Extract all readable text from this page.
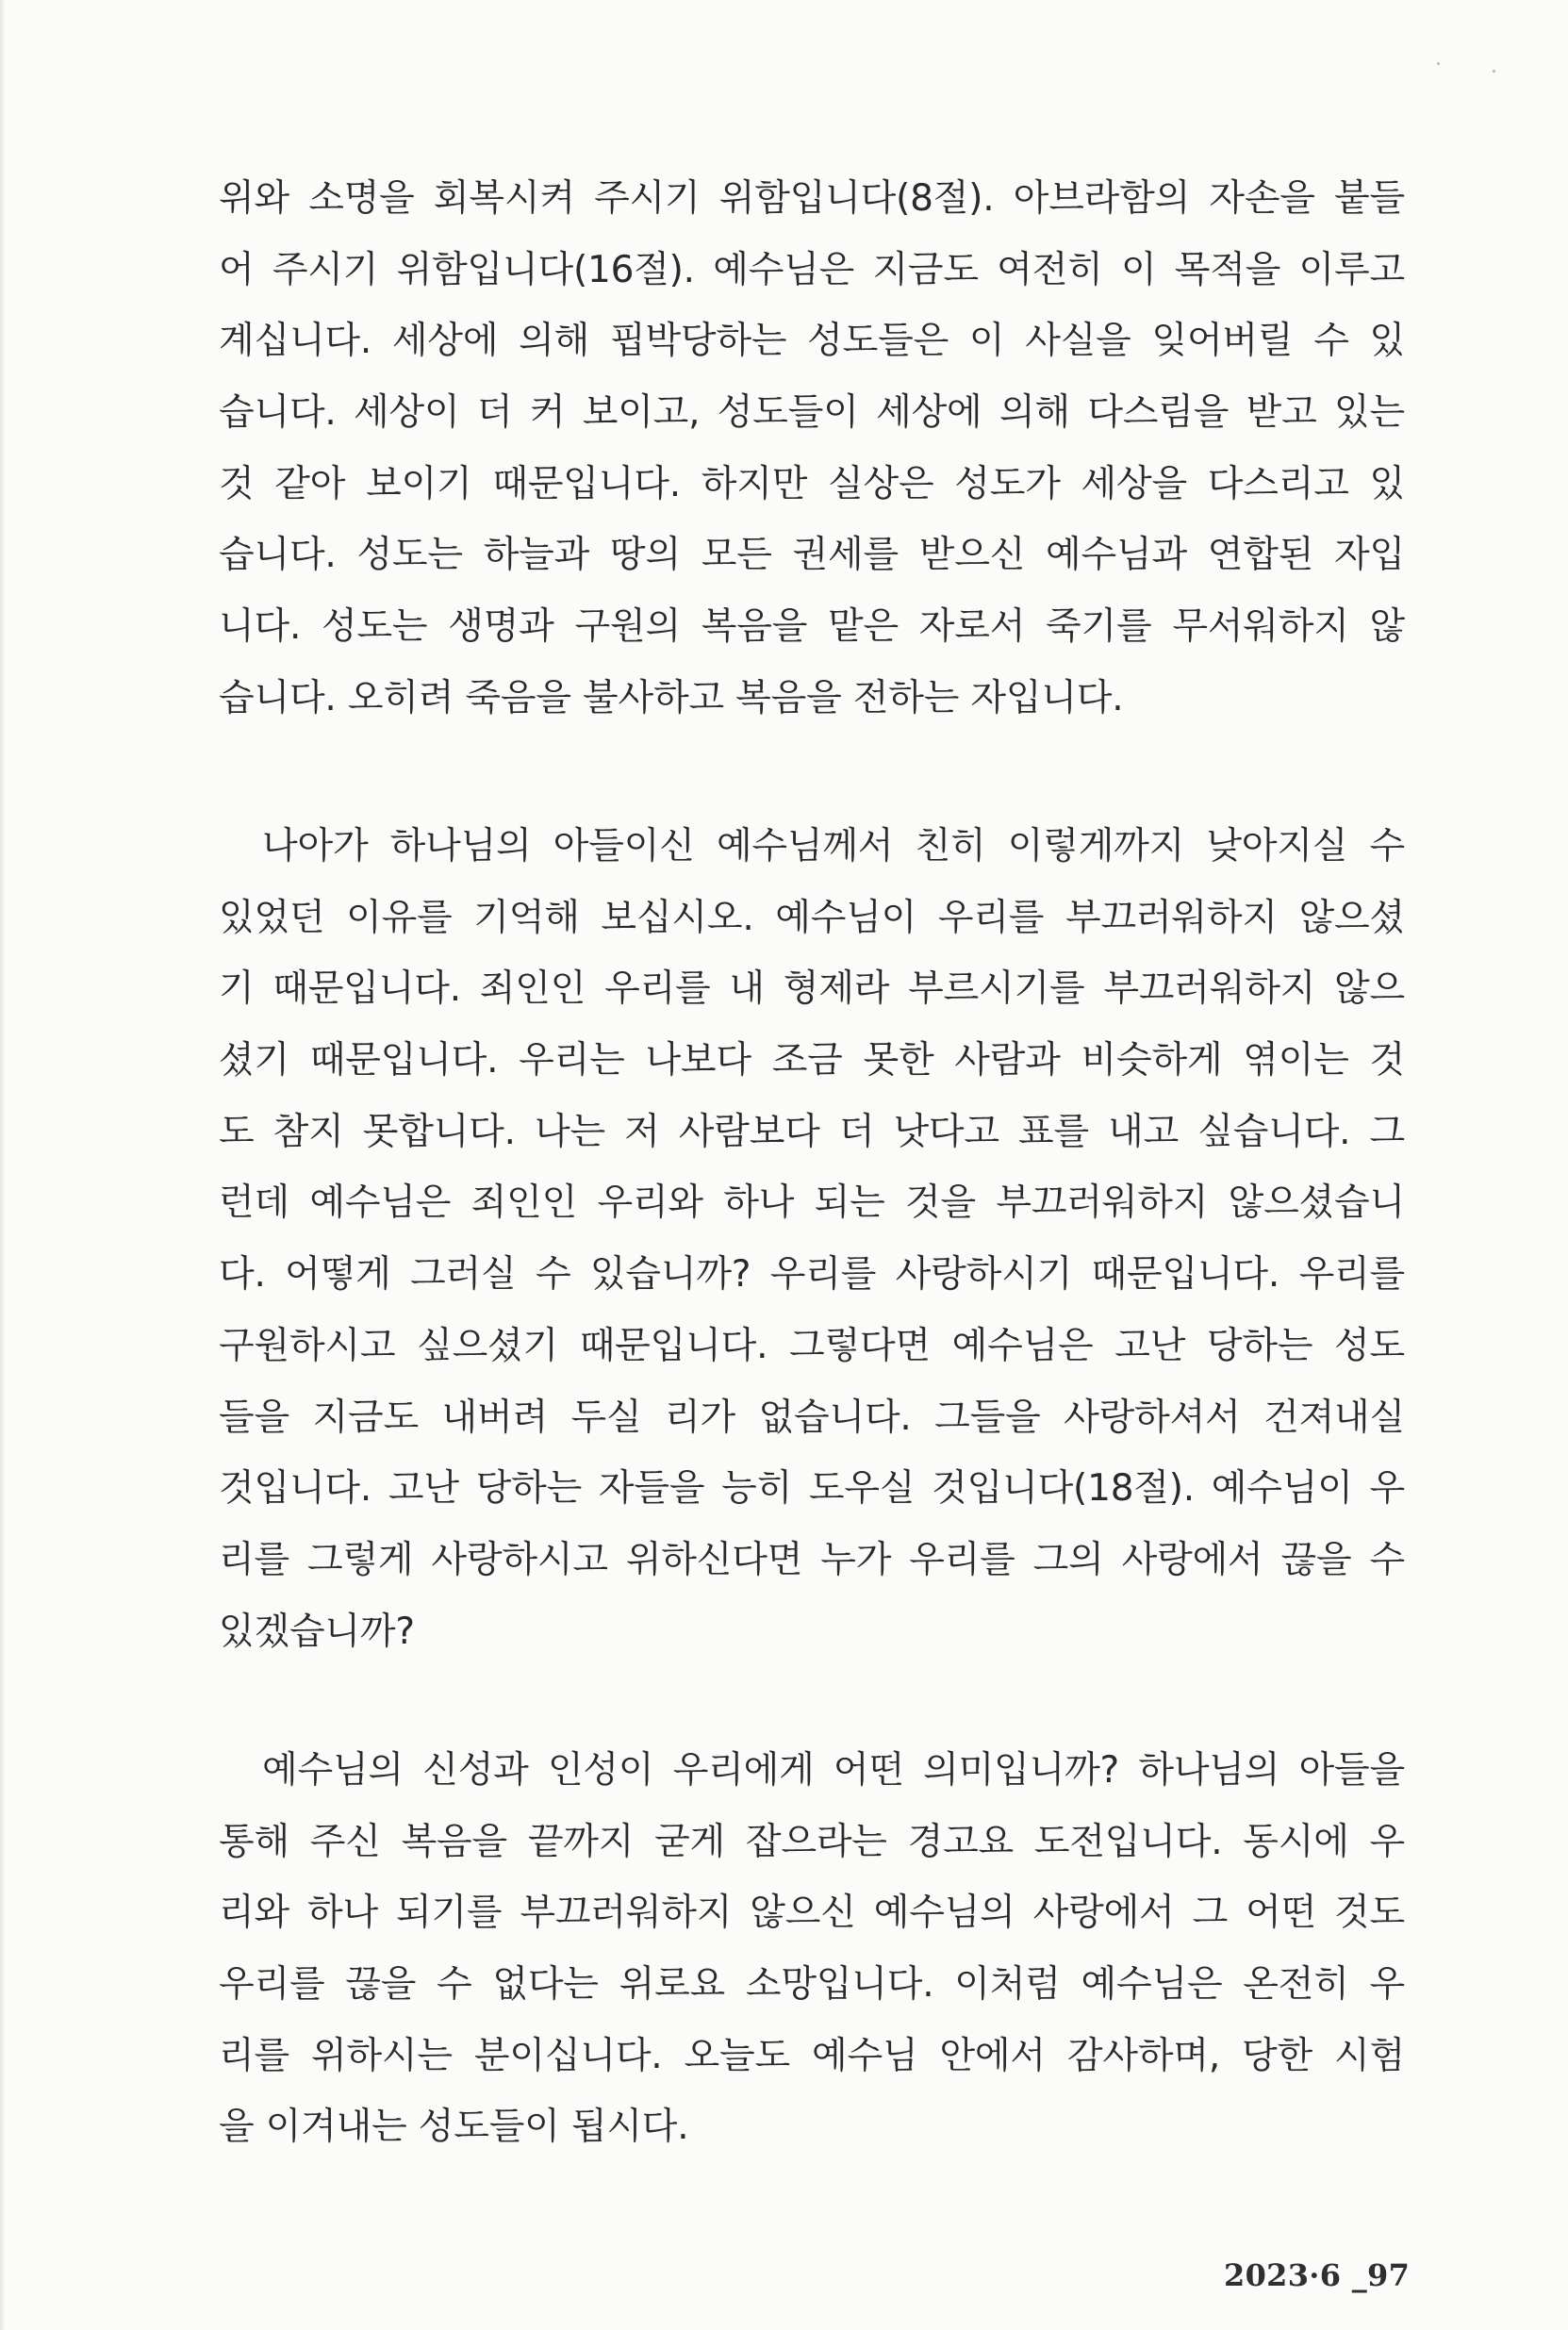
위와 소명을 회복시켜 주시기 위함입니다(8절). 아브라함의 자손을 붙들
어 주시기 위함입니다(16절). 예수님은 지금도 여전히 이 목적을 이루고
계십니다. 세상에 의해 핍박당하는 성도들은 이 사실을 잊어버릴 수 있
습니다. 세상이 더 커 보이고, 성도들이 세상에 의해 다스림을 받고 있는
것 같아 보이기 때문입니다. 하지만 실상은 성도가 세상을 다스리고 있
습니다. 성도는 하늘과 땅의 모든 권세를 받으신 예수님과 연합된 자입
니다. 성도는 생명과 구원의 복음을 맡은 자로서 죽기를 무서워하지 않
습니다. 오히려 죽음을 불사하고 복음을 전하는 자입니다.

나아가 하나님의 아들이신 예수님께서 친히 이렇게까지 낮아지실 수
있었던 이유를 기억해 보십시오. 예수님이 우리를 부끄러워하지 않으셨
기 때문입니다. 죄인인 우리를 내 형제라 부르시기를 부끄러워하지 않으
셨기 때문입니다. 우리는 나보다 조금 못한 사람과 비슷하게 엮이는 것
도 참지 못합니다. 나는 저 사람보다 더 낫다고 표를 내고 싶습니다. 그
런데 예수님은 죄인인 우리와 하나 되는 것을 부끄러워하지 않으셨습니
다. 어떻게 그러실 수 있습니까? 우리를 사랑하시기 때문입니다. 우리를
구원하시고 싶으셨기 때문입니다. 그렇다면 예수님은 고난 당하는 성도
들을 지금도 내버려 두실 리가 없습니다. 그들을 사랑하셔서 건져내실
것입니다. 고난 당하는 자들을 능히 도우실 것입니다(18절). 예수님이 우
리를 그렇게 사랑하시고 위하신다면 누가 우리를 그의 사랑에서 끊을 수
있겠습니까?

예수님의 신성과 인성이 우리에게 어떤 의미입니까? 하나님의 아들을
통해 주신 복음을 끝까지 굳게 잡으라는 경고요 도전입니다. 동시에 우
리와 하나 되기를 부끄러워하지 않으신 예수님의 사랑에서 그 어떤 것도
우리를 끊을 수 없다는 위로요 소망입니다. 이처럼 예수님은 온전히 우
리를 위하시는 분이십니다. 오늘도 예수님 안에서 감사하며, 당한 시험
을 이겨내는 성도들이 됩시다.

2023·6 _97
